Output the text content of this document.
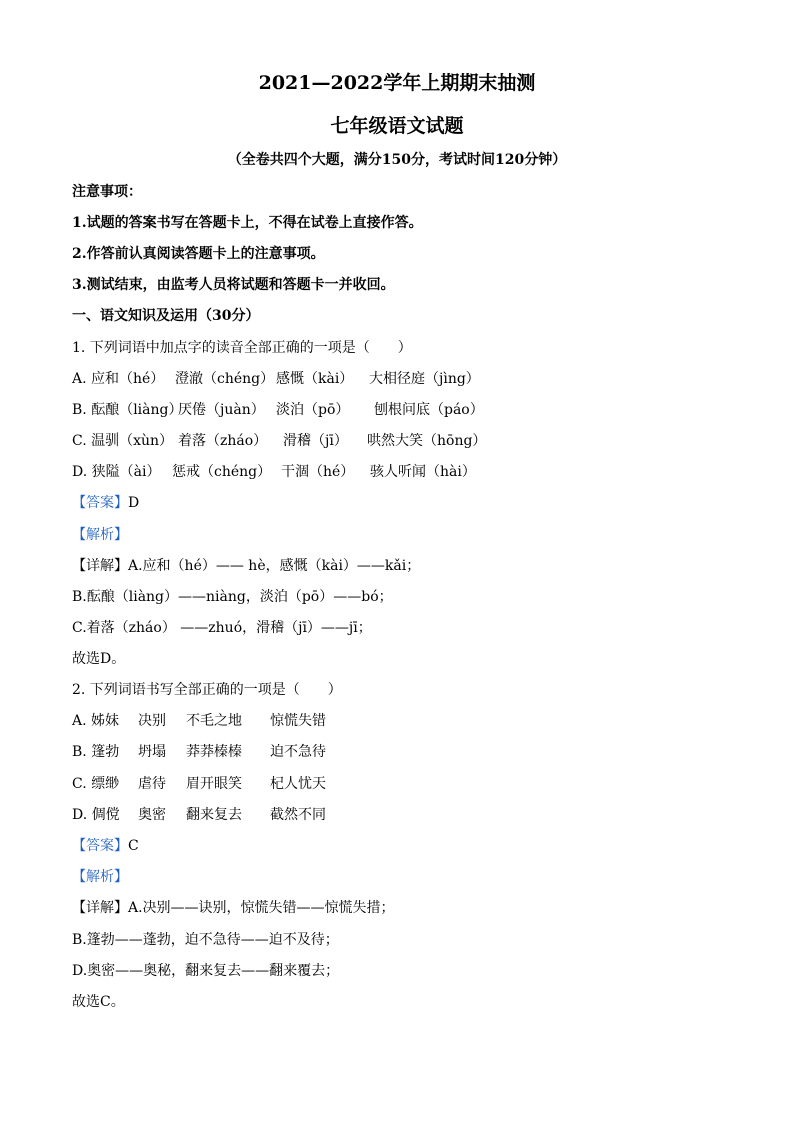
2021—2022学年上期期末抽测
七年级语文试题
（全卷共四个大题，满分150分，考试时间120分钟）
注意事项：
1.试题的答案书写在答题卡上，不得在试卷上直接作答。
2.作答前认真阅读答题卡上的注意事项。
3.测试结束，由监考人员将试题和答题卡一并收回。
一、语文知识及运用（30分）
1. 下列词语中加点字的读音全部正确的一项是（　　）
A. 应和（hé） 澄澈（chéng） 感慨（kài） 大相径庭（jìng）
B. 酝酿（liàng）
厌倦（juàn） 淡泊（pō） 刨根问底（páo）
C. 温驯（xùn） 着落（zháo） 滑稽（jī） 哄然大笑（hōng）
D. 狭隘（ài） 惩戒（chéng） 干涸（hé） 骇人听闻（hài）
【答案】D
【解析】
【详解】A.应和（hé）—— hè，感慨（kài）——kǎi；
B.酝酿（liàng）——niàng，淡泊（pō）——bó；
C.着落（zháo） ——zhuó，滑稽（jī）——jī；
故选D。
2. 下列词语书写全部正确的一项是（　　）
A. 姊妹 决别 不毛之地 惊慌失错
B. 篷勃 坍塌 莽莽榛榛 迫不急待
C. 缥缈 虐待 眉开眼笑 杞人忧天
D. 倜傥 奥密 翻来复去 截然不同
【答案】C
【解析】
【详解】A.决别——诀别，惊慌失错——惊慌失措；
B.篷勃——蓬勃，迫不急待——迫不及待；
D.奥密——奥秘，翻来复去——翻来覆去；
故选C。
